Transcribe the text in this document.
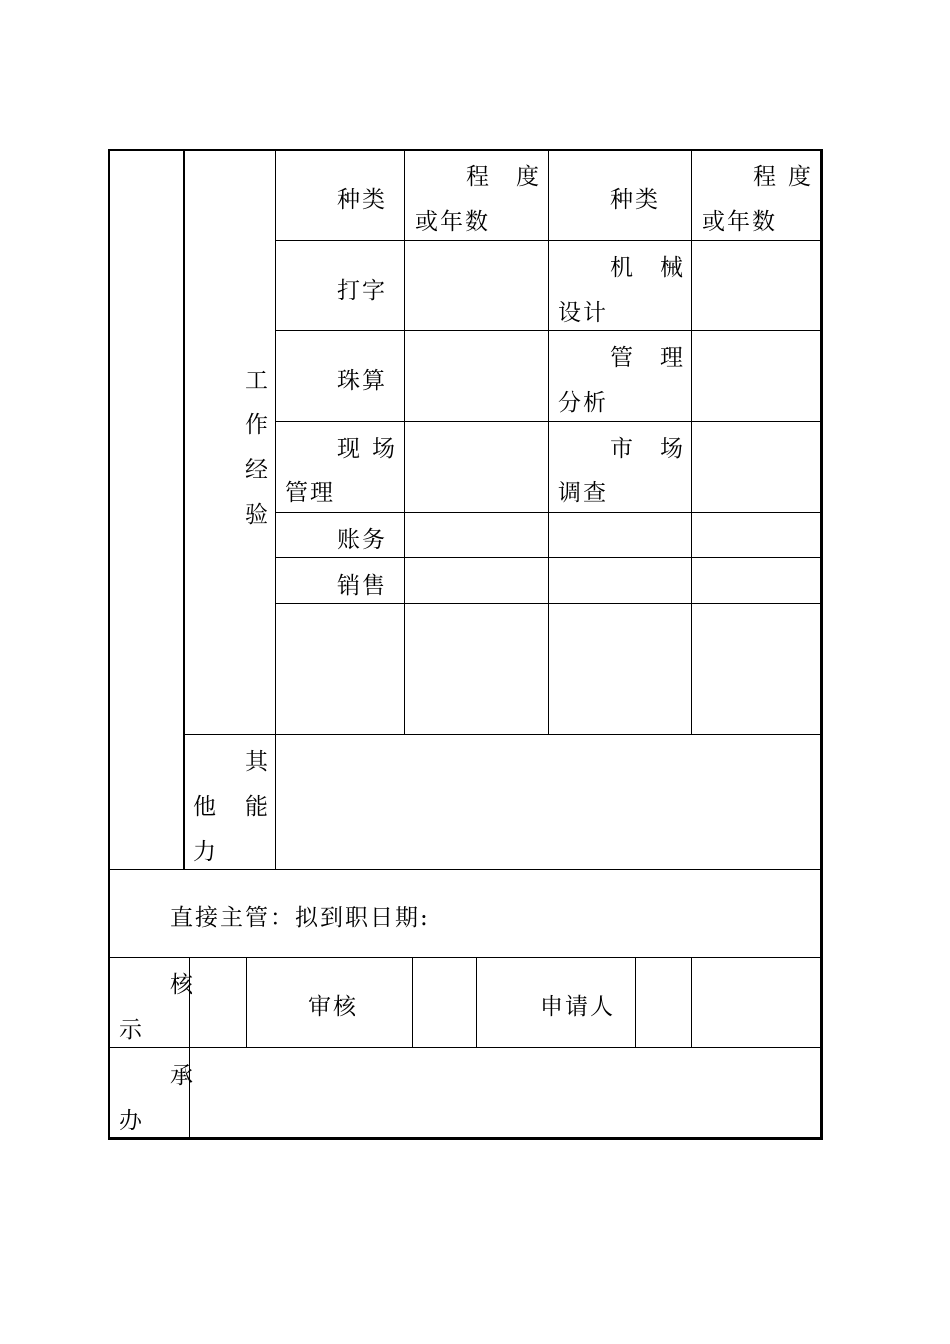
工
作
经
验
种类
程 度
或年数
种类
程 度
或年数
打字
珠算
现 场
管理
账务
销售
机 械
设计
管 理
分析
市 场
调查
其
他 能
力
直接主管：拟到职日期:
核
示
审核	申请人
承
办
